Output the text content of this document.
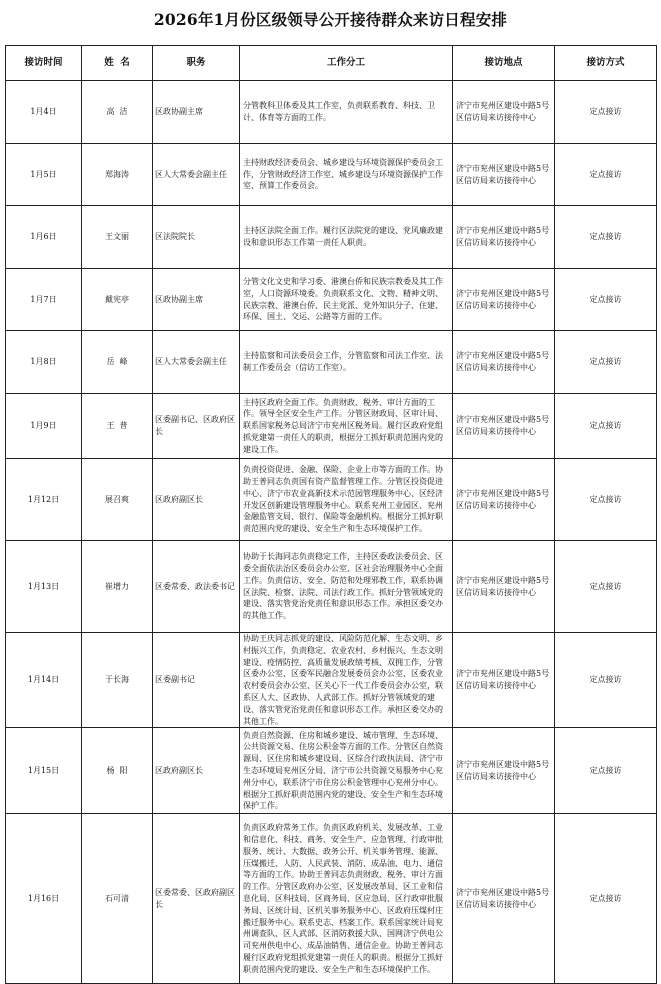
2026年1月份区级领导公开接待群众来访日程安排
接访时间	姓  名	职务	工作分工	接访地点	接访方式
1月4日	高  洁	区政协副主席	分管教科卫体委及其工作室，负责联系教育、科技、卫计、体育等方面的工作。	济宁市兖州区建设中路5号区信访局来访接待中心	定点接访
1月5日	郑海涛	区人大常委会副主任	主持财政经济委员会、城乡建设与环境资源保护委员会工作，分管财政经济工作室、城乡建设与环境资源保护工作室、预算工作委员会。	济宁市兖州区建设中路5号区信访局来访接待中心	定点接访
1月6日	王文丽	区法院院长	主持区法院全面工作。履行区法院党的建设、党风廉政建设和意识形态工作第一责任人职责。	济宁市兖州区建设中路5号区信访局来访接待中心	定点接访
1月7日	戴宪亭	区政协副主席	分管文化文史和学习委、港澳台侨和民族宗教委及其工作室，人口资源环境委。负责联系文化、文物、精神文明、民族宗教、港澳台侨、民主党派、党外知识分子、住建、环保、国土、交运、公路等方面的工作。	济宁市兖州区建设中路5号区信访局来访接待中心	定点接访
1月8日	岳  峰	区人大常委会副主任	主持监察和司法委员会工作，分管监察和司法工作室、法制工作委员会（信访工作室）。	济宁市兖州区建设中路5号区信访局来访接待中心	定点接访
1月9日	王  普	区委副书记、区政府区长	主持区政府全面工作。负责财政、税务、审计方面的工作。领导全区安全生产工作。分管区财政局、区审计局、联系国家税务总局济宁市兖州区税务局。履行区政府党组抓党建第一责任人的职责，根据分工抓好职责范围内党的建设工作。	济宁市兖州区建设中路5号区信访局来访接待中心	定点接访
1月12日	展召爽	区政府副区长	负责投资促进、金融、保险、企业上市等方面的工作。协助王普同志负责国有资产监督管理工作。分管区投资促进中心、济宁市农业高新技术示范园管理服务中心、区经济开发区创新建设管理服务中心。联系兖州工业园区、兖州金融监管支局、银行、保险等金融机构。根据分工抓好职责范围内党的建设、安全生产和生态环境保护工作。	济宁市兖州区建设中路5号区信访局来访接待中心	定点接访
1月13日	崔增力	区委常委、政法委书记	协助于长海同志负责稳定工作，主持区委政法委员会、区委全面依法治区委员会办公室、区社会治理服务中心全面工作。负责信访、安全、防范和处理邪教工作，联系协调区法院、检察、法院、司法行政工作。抓好分管领域党的建设、落实管党治党责任和意识形态工作。承担区委交办的其他工作。	济宁市兖州区建设中路5号区信访局来访接待中心	定点接访
1月14日	于长海	区委副书记	协助王庆同志抓党的建设、风险防范化解、生态文明、乡村振兴工作，负责稳定、农业农村、乡村振兴、生态文明建设、疫情防控、高质量发展政绩考核、双拥工作，分管区委办公室、区委军民融合发展委员会办公室、区委农业农村委员会办公室、区关心下一代工作委员会办公室，联系区人大、区政协、人武部工作。抓好分管领域党的建设、落实管党治党责任和意识形态工作。承担区委交办的其他工作。	济宁市兖州区建设中路5号区信访局来访接待中心	定点接访
1月15日	杨  阳	区政府副区长	负责自然资源、住房和城乡建设、城市管理、生态环境、公共资源交易、住房公积金等方面的工作。分管区自然资源局、区住房和城乡建设局、区综合行政执法局、济宁市生态环境局兖州区分局、济宁市公共资源交易服务中心兖州分中心，联系济宁市住房公积金管理中心兖州分中心。根据分工抓好职责范围内党的建设、安全生产和生态环境保护工作。	济宁市兖州区建设中路5号区信访局来访接待中心	定点接访
1月16日	石可清	区委常委、区政府副区长	负责区政府常务工作。负责区政府机关、发展改革、工业和信息化、科技、商务、安全生产、应急管理、行政审批服务、统计、大数据、政务公开、机关事务管理、能源、压煤搬迁、人防、人民武装、消防、成品油、电力、通信等方面的工作。协助王普同志负责财政、税务、审计方面的工作。分管区政府办公室、区发展改革局、区工业和信息化局、区科技局、区商务局、区应急局、区行政审批服务局、区统计局、区机关事务服务中心、区政府压煤村庄搬迁服务中心。联系史志、档案工作。联系国家统计局兖州调查队、区人武部、区消防救援大队、国网济宁供电公司兖州供电中心、成品油销售、通信企业。协助王普同志履行区政府党组抓党建第一责任人的职责。根据分工抓好职责范围内党的建设、安全生产和生态环境保护工作。	济宁市兖州区建设中路5号区信访局来访接待中心	定点接访
